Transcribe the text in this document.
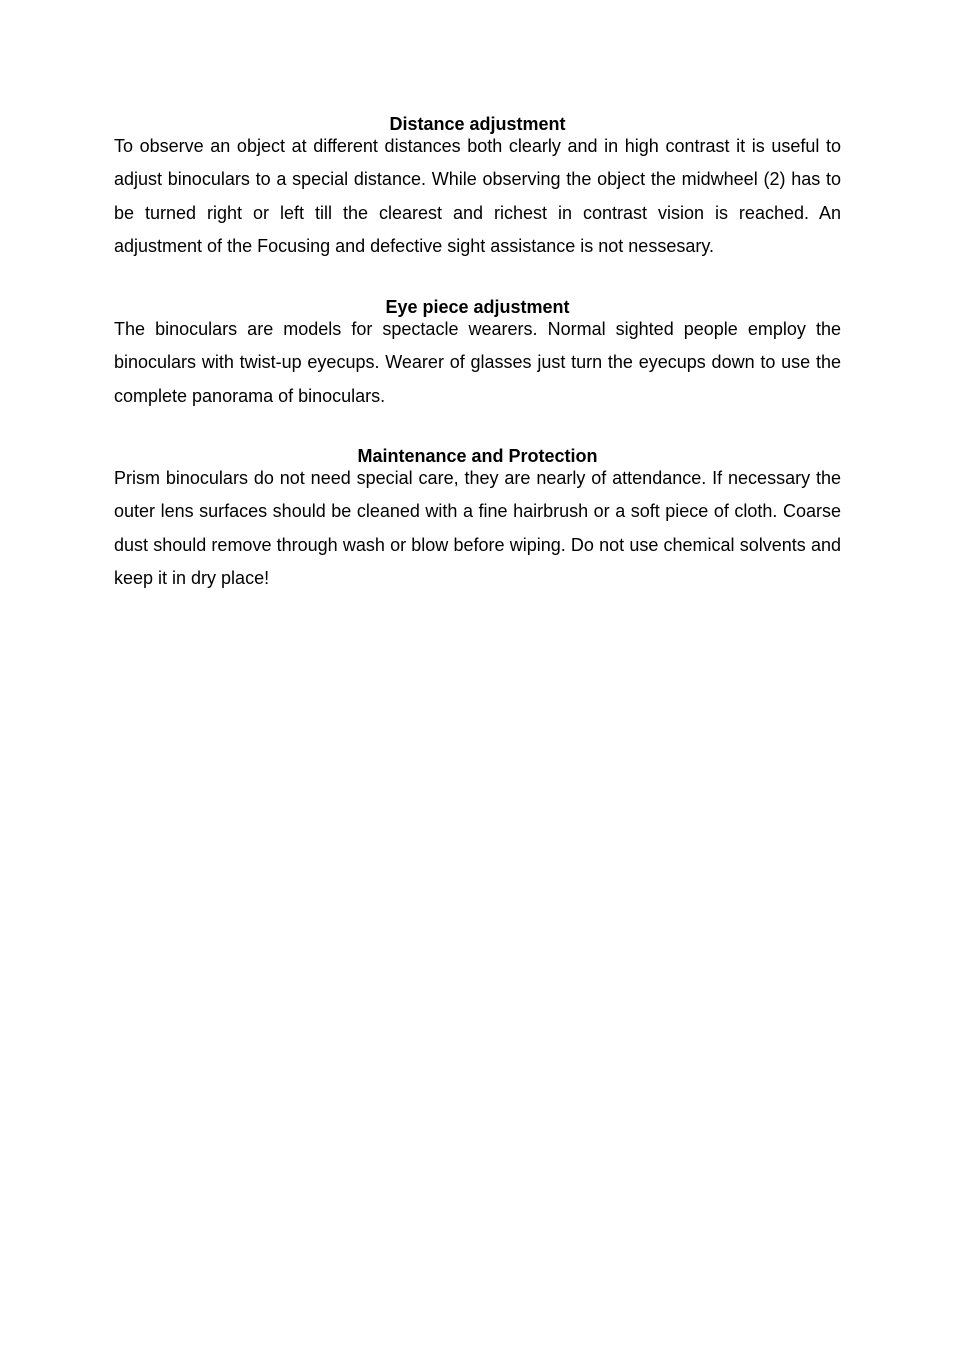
Distance adjustment

To observe an object at different distances both clearly and in high contrast it is useful to adjust binoculars to a special distance. While observing the object the midwheel (2) has to be turned right or left till the clearest and richest in contrast vision is reached. An adjustment of the Focusing and defective sight assistance is not nessesary.

Eye piece adjustment

The binoculars are models for spectacle wearers. Normal sighted people employ the binoculars with twist-up eyecups. Wearer of glasses just turn the eyecups down to use the complete panorama of binoculars.

Maintenance and Protection

Prism binoculars do not need special care, they are nearly of attendance. If necessary the outer lens surfaces should be cleaned with a fine hairbrush or a soft piece of cloth. Coarse dust should remove through wash or blow before wiping. Do not use chemical solvents and keep it in dry place!
